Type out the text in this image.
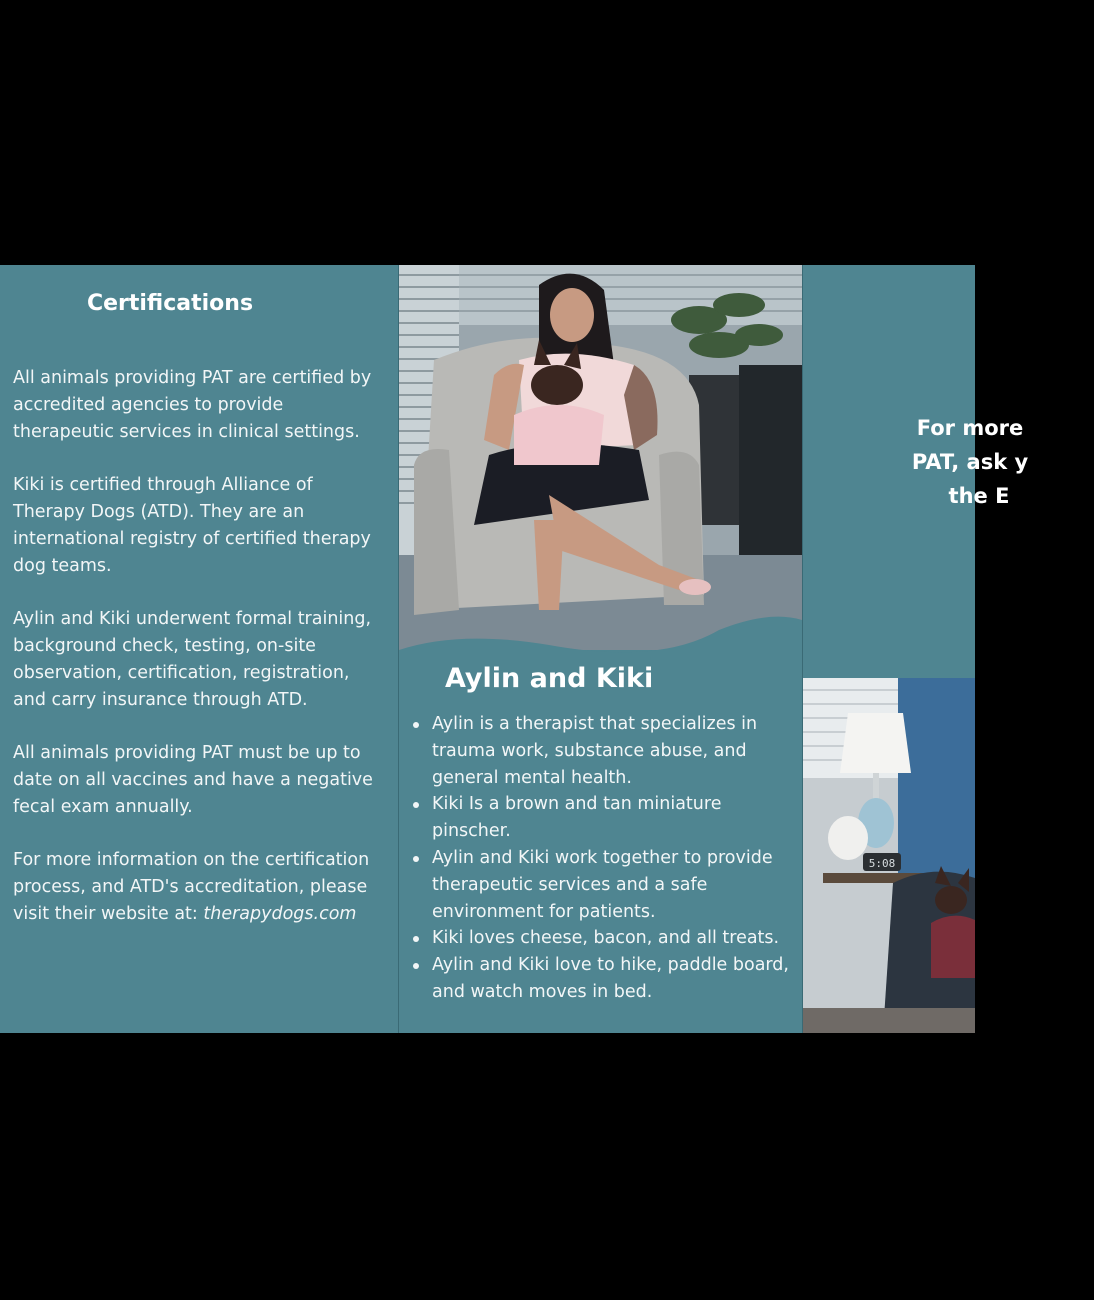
Certifications

All animals providing PAT are certified by accredited agencies to provide therapeutic services in clinical settings.

Kiki is certified through Alliance of Therapy Dogs (ATD). They are an international registry of certified therapy dog teams.

Aylin and Kiki underwent formal training, background check, testing, on-site observation, certification, registration, and carry insurance through ATD.

All animals providing PAT must be up to date on all vaccines and have a negative fecal exam annually.

For more information on the certification process, and ATD's accreditation, please visit their website at: therapydogs.com

Aylin and Kiki
Aylin is a therapist that specializes in trauma work, substance abuse, and general mental health.
Kiki Is a brown and tan miniature pinscher.
Aylin and Kiki work together to provide therapeutic services and a safe environment for patients.
Kiki loves cheese, bacon, and all treats.
Aylin and Kiki love to hike, paddle board, and watch moves in bed.
For more
PAT, ask y
the E
5:08
